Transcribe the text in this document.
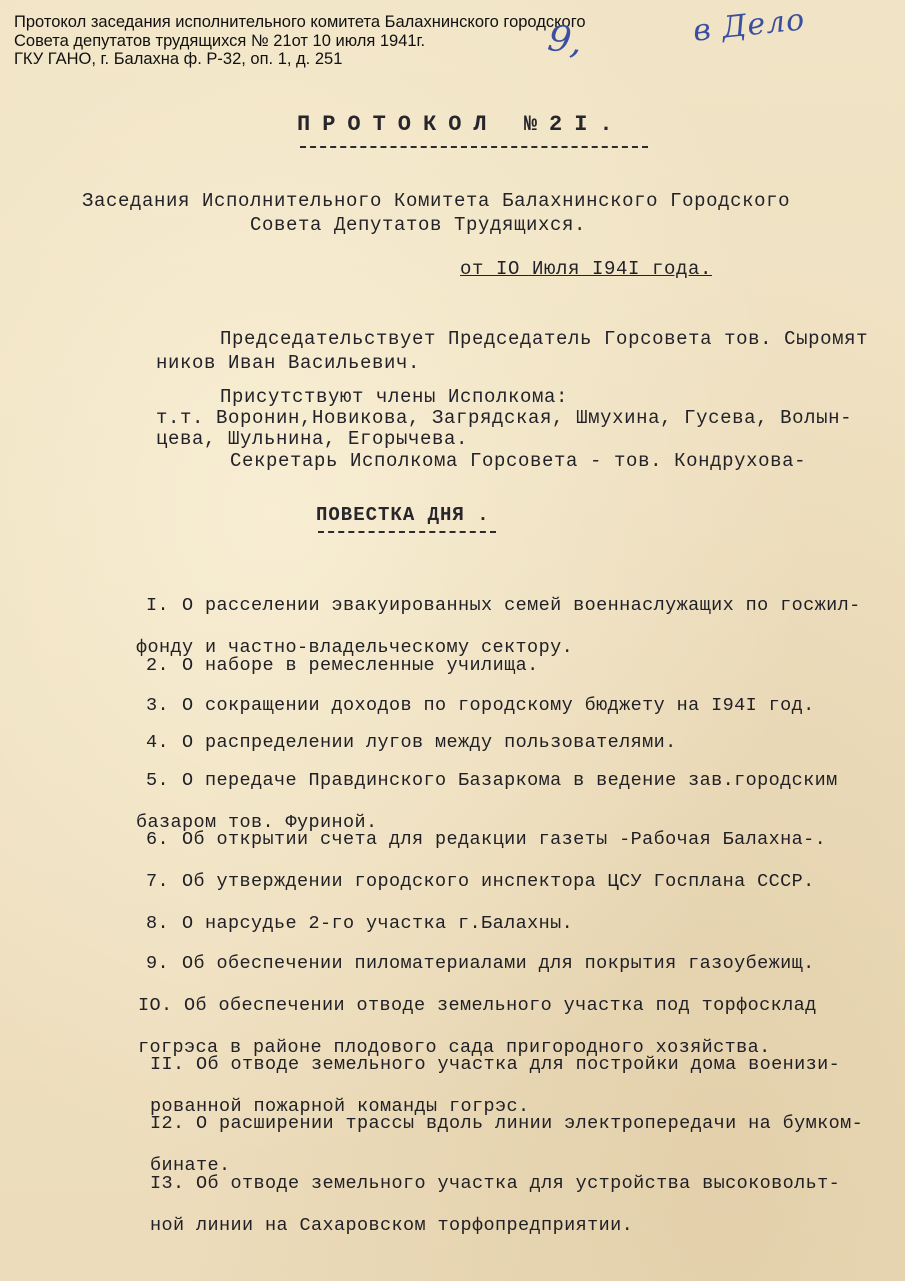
Протокол заседания исполнительного комитета Балахнинского городского
Совета депутатов трудящихся № 21от 10 июля 1941г.
ГКУ ГАНО, г. Балахна ф. Р-32, оп. 1, д. 251	9,	в Дело
ПРОТОКОЛ №2I.
Заседания Исполнительного Комитета Балахнинского Городского
Совета Депутатов Трудящихся.
от IO Июля I94I года.
Председательствует Председатель Горсовета тов. Сыромят
ников Иван Васильевич.
Присутствуют члены Исполкома:
т.т. Воронин,Новикова, Загрядская, Шмухина, Гусева, Волын-
цева, Шульнина, Егорычева.
Секретарь Исполкома Горсовета - тов. Кондрухова-
ПОВЕСТКА ДНЯ .

I. О расселении эвакуированных семей военнаслужащих по госжил-

фонду и частно-владельческому сектору.

2. О наборе в ремесленные училища.

3. О сокращении доходов по городскому бюджету на I94I год.

4. О распределении лугов между пользователями.

5. О передаче Правдинского Базаркома в ведение зав.городским

базаром тов. Фуриной.

6. Об открытии счета для редакции газеты -Рабочая Балахна-.

7. Об утверждении городского инспектора ЦСУ Госплана СССР.

8. О нарсудье 2-го участка г.Балахны.

9. Об обеспечении пиломатериалами для покрытия газоубежищ.

IO. Об обеспечении отводе земельного участка под торфосклад

гогрэса в районе плодового сада пригородного хозяйства.

II. Об отводе земельного участка для постройки дома военизи-

рованной пожарной команды гогрэс.

I2. О расширении трассы вдоль линии электропередачи на бумком-

бинате.

I3. Об отводе земельного участка для устройства высоковольт-

ной линии на Сахаровском торфопредприятии.
